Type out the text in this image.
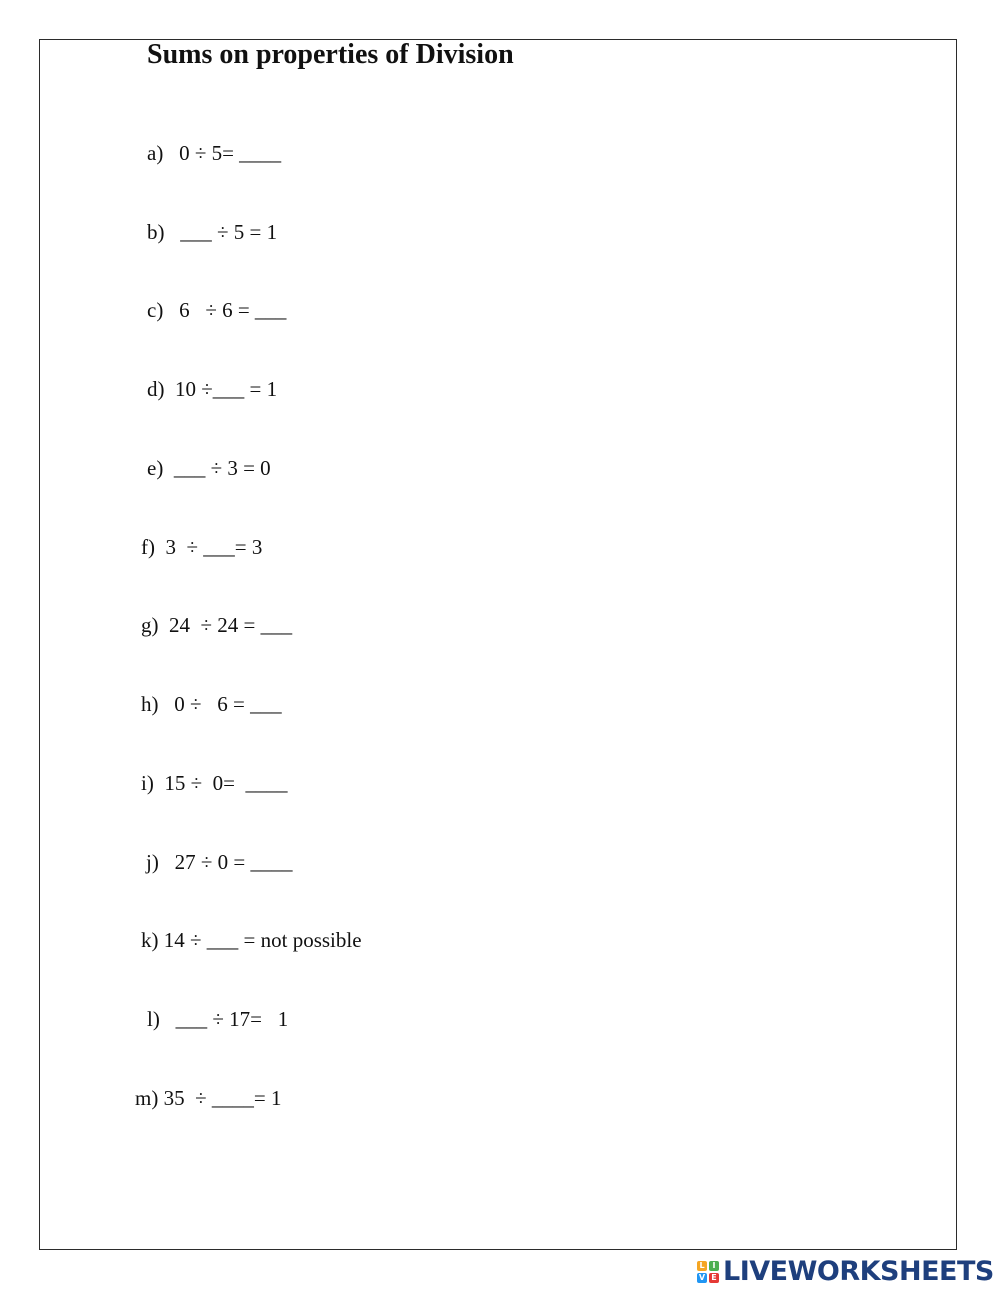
Sums on properties of Division
a)   0 ÷ 5= ____
b)   ___ ÷ 5 = 1
c)   6   ÷ 6 = ___
d)  10 ÷___ = 1
e)  ___ ÷ 3 = 0
f)  3  ÷ ___= 3
g)  24  ÷ 24 = ___
h)   0 ÷   6 = ___
i)  15 ÷  0=  ____
j)   27 ÷ 0 = ____
k) 14 ÷ ___ = not possible
l)   ___ ÷ 17=   1
m) 35  ÷ ____= 1
L I
V E LIVEWORKSHEETS
